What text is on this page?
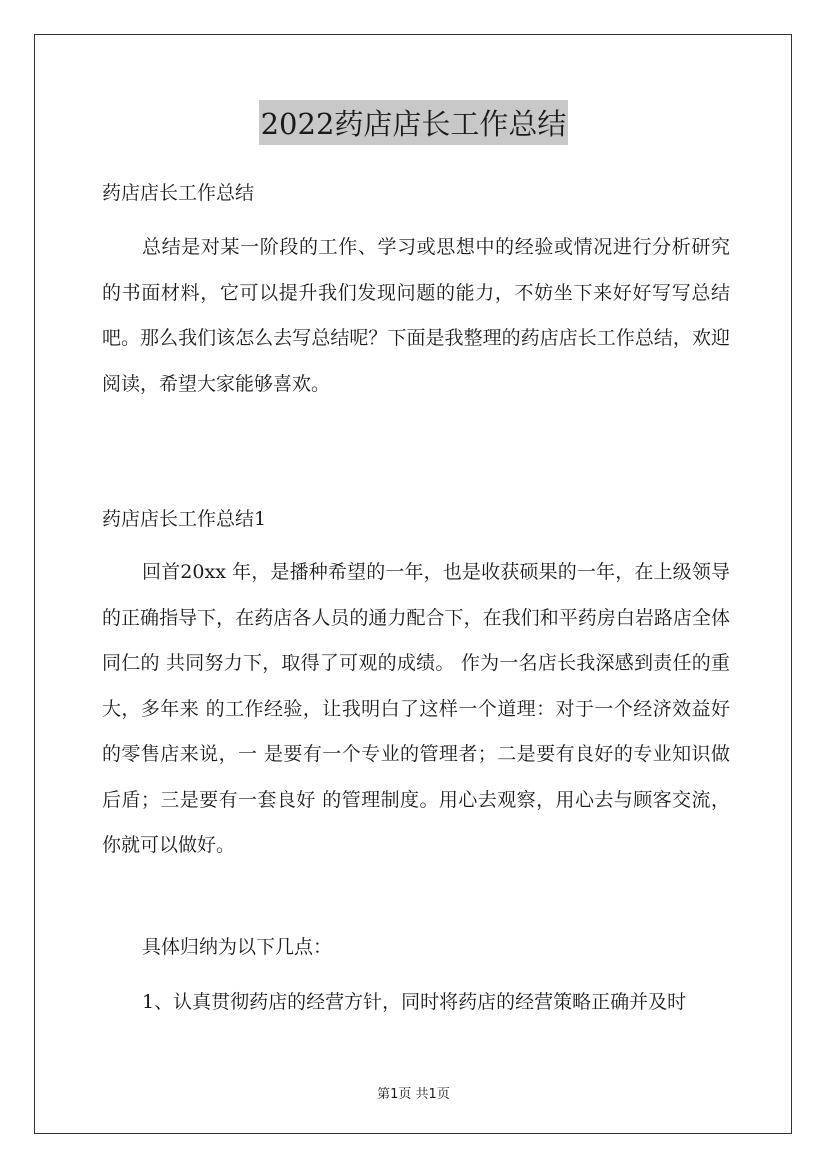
2022药店店长工作总结
药店店长工作总结
总结是对某一阶段的工作、学习或思想中的经验或情况进行分析研究的书面材料，它可以提升我们发现问题的能力，不妨坐下来好好写写总结吧。那么我们该怎么去写总结呢？下面是我整理的药店店长工作总结，欢迎阅读，希望大家能够喜欢。
药店店长工作总结1
回首20xx 年，是播种希望的一年，也是收获硕果的一年，在上级领导的正确指导下，在药店各人员的通力配合下，在我们和平药房白岩路店全体同仁的 共同努力下，取得了可观的成绩。 作为一名店长我深感到责任的重大，多年来 的工作经验，让我明白了这样一个道理：对于一个经济效益好的零售店来说，一 是要有一个专业的管理者；二是要有良好的专业知识做后盾；三是要有一套良好 的管理制度。用心去观察，用心去与顾客交流，你就可以做好。
具体归纳为以下几点：
1、认真贯彻药店的经营方针，同时将药店的经营策略正确并及时
第1页 共1页
